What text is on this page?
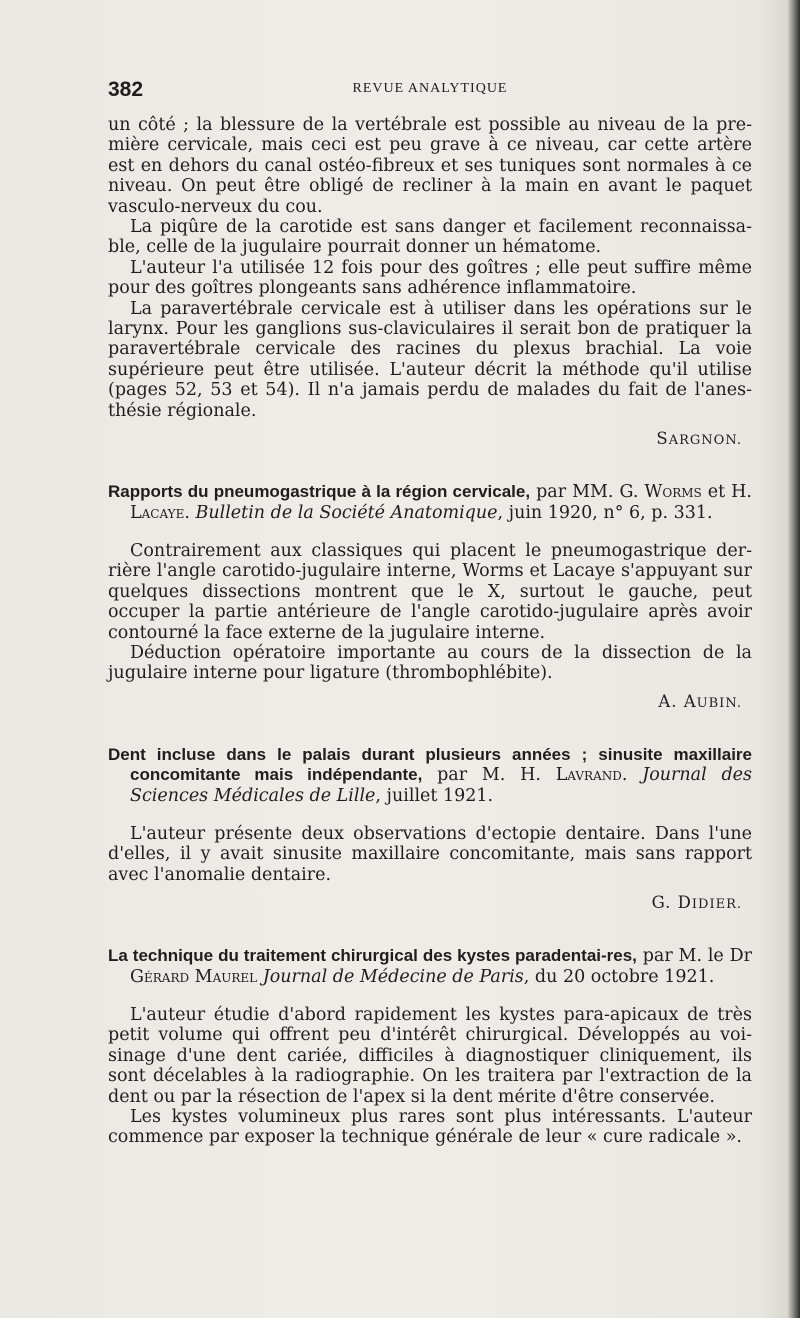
382	REVUE ANALYTIQUE

un côté ; la blessure de la vertébrale est possible au niveau de la pre-mière cervicale, mais ceci est peu grave à ce niveau, car cette artère est en dehors du canal ostéo-fibreux et ses tuniques sont normales à ce niveau. On peut être obligé de recliner à la main en avant le paquet vasculo-nerveux du cou.

La piqûre de la carotide est sans danger et facilement reconnaissa-ble, celle de la jugulaire pourrait donner un hématome.

L'auteur l'a utilisée 12 fois pour des goîtres ; elle peut suffire même pour des goîtres plongeants sans adhérence inflammatoire.

La paravertébrale cervicale est à utiliser dans les opérations sur le larynx. Pour les ganglions sus-claviculaires il serait bon de pratiquer la paravertébrale cervicale des racines du plexus brachial. La voie supérieure peut être utilisée. L'auteur décrit la méthode qu'il utilise (pages 52, 53 et 54). Il n'a jamais perdu de malades du fait de l'anes-thésie régionale.

SARGNON.
Rapports du pneumogastrique à la région cervicale, par MM. G. Worms et H. Lacaye. Bulletin de la Société Anatomique, juin 1920, n° 6, p. 331.

Contrairement aux classiques qui placent le pneumogastrique der-rière l'angle carotido-jugulaire interne, Worms et Lacaye s'appuyant sur quelques dissections montrent que le X, surtout le gauche, peut occuper la partie antérieure de l'angle carotido-jugulaire après avoir contourné la face externe de la jugulaire interne.

Déduction opératoire importante au cours de la dissection de la jugulaire interne pour ligature (thrombophlébite).

A. AUBIN.
Dent incluse dans le palais durant plusieurs années ; sinusite maxillaire concomitante mais indépendante, par M. H. Lavrand. Journal des Sciences Médicales de Lille, juillet 1921.

L'auteur présente deux observations d'ectopie dentaire. Dans l'une d'elles, il y avait sinusite maxillaire concomitante, mais sans rapport avec l'anomalie dentaire.

G. DIDIER.
La technique du traitement chirurgical des kystes paradentai-res, par M. le Dr Gérard Maurel Journal de Médecine de Paris, du 20 octobre 1921.

L'auteur étudie d'abord rapidement les kystes para-apicaux de très petit volume qui offrent peu d'intérêt chirurgical. Développés au voi-sinage d'une dent cariée, difficiles à diagnostiquer cliniquement, ils sont décelables à la radiographie. On les traitera par l'extraction de la dent ou par la résection de l'apex si la dent mérite d'être conservée.

Les kystes volumineux plus rares sont plus intéressants. L'auteur commence par exposer la technique générale de leur « cure radicale ».
